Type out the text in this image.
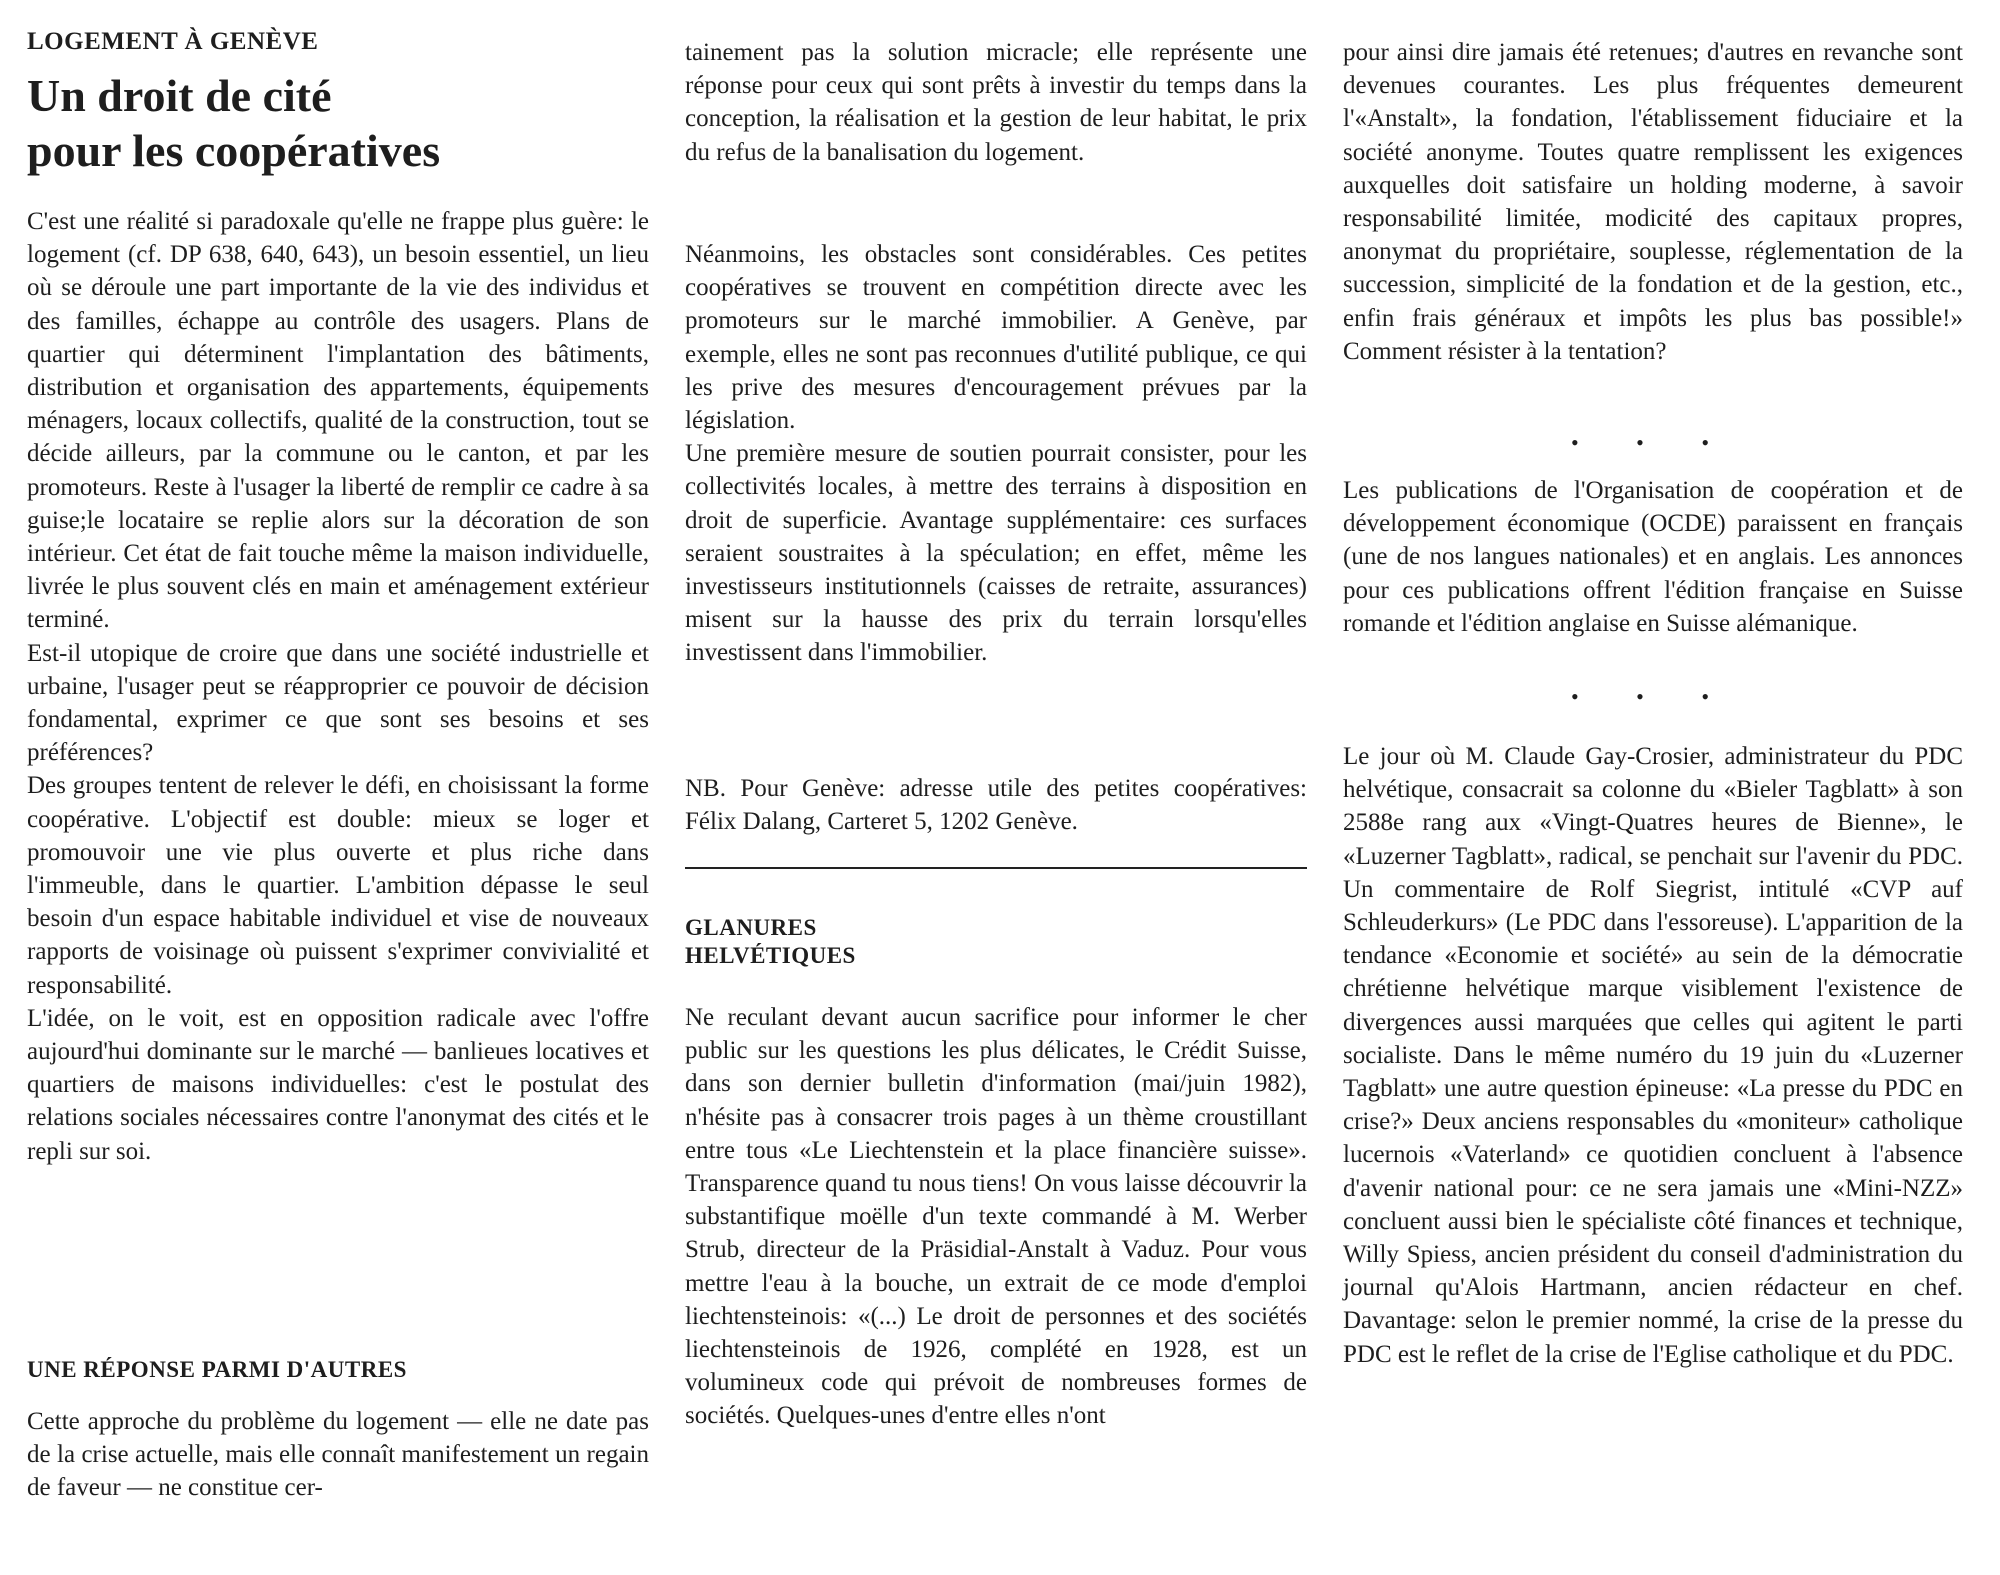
LOGEMENT À GENÈVE
Un droit de cité
pour les coopératives

C'est une réalité si paradoxale qu'elle ne frappe plus guère: le logement (cf. DP 638, 640, 643), un besoin essentiel, un lieu où se déroule une part importante de la vie des individus et des familles, échappe au contrôle des usagers. Plans de quartier qui déterminent l'implantation des bâtiments, distribution et organisation des appartements, équipements ménagers, locaux collectifs, qualité de la construction, tout se décide ailleurs, par la commune ou le canton, et par les promoteurs. Reste à l'usager la liberté de remplir ce cadre à sa guise;le locataire se replie alors sur la décoration de son intérieur. Cet état de fait touche même la maison individuelle, livrée le plus souvent clés en main et aménagement extérieur terminé.

Est-il utopique de croire que dans une société industrielle et urbaine, l'usager peut se réapproprier ce pouvoir de décision fondamental, exprimer ce que sont ses besoins et ses préférences?

Des groupes tentent de relever le défi, en choisissant la forme coopérative. L'objectif est double: mieux se loger et promouvoir une vie plus ouverte et plus riche dans l'immeuble, dans le quartier. L'ambition dépasse le seul besoin d'un espace habitable individuel et vise de nouveaux rapports de voisinage où puissent s'exprimer convivialité et responsabilité.

L'idée, on le voit, est en opposition radicale avec l'offre aujourd'hui dominante sur le marché — banlieues locatives et quartiers de maisons individuelles: c'est le postulat des relations sociales nécessaires contre l'anonymat des cités et le repli sur soi.

UNE RÉPONSE PARMI D'AUTRES

Cette approche du problème du logement — elle ne date pas de la crise actuelle, mais elle connaît manifestement un regain de faveur — ne constitue cer-

tainement pas la solution micracle; elle représente une réponse pour ceux qui sont prêts à investir du temps dans la conception, la réalisation et la gestion de leur habitat, le prix du refus de la banalisation du logement.

Néanmoins, les obstacles sont considérables. Ces petites coopératives se trouvent en compétition directe avec les promoteurs sur le marché immobilier. A Genève, par exemple, elles ne sont pas reconnues d'utilité publique, ce qui les prive des mesures d'encouragement prévues par la législation.

Une première mesure de soutien pourrait consister, pour les collectivités locales, à mettre des terrains à disposition en droit de superficie. Avantage supplémentaire: ces surfaces seraient soustraites à la spéculation; en effet, même les investisseurs institutionnels (caisses de retraite, assurances) misent sur la hausse des prix du terrain lorsqu'elles investissent dans l'immobilier.

NB. Pour Genève: adresse utile des petites coopératives: Félix Dalang, Carteret 5, 1202 Genève.

GLANURES
HELVÉTIQUES

Ne reculant devant aucun sacrifice pour informer le cher public sur les questions les plus délicates, le Crédit Suisse, dans son dernier bulletin d'information (mai/juin 1982), n'hésite pas à consacrer trois pages à un thème croustillant entre tous «Le Liechtenstein et la place financière suisse». Transparence quand tu nous tiens! On vous laisse découvrir la substantifique moëlle d'un texte commandé à M. Werber Strub, directeur de la Präsidial-Anstalt à Vaduz. Pour vous mettre l'eau à la bouche, un extrait de ce mode d'emploi liechtensteinois: «(...) Le droit de personnes et des sociétés liechtensteinois de 1926, complété en 1928, est un volumineux code qui prévoit de nombreuses formes de sociétés. Quelques-unes d'entre elles n'ont

pour ainsi dire jamais été retenues; d'autres en revanche sont devenues courantes. Les plus fréquentes demeurent l'«Anstalt», la fondation, l'établissement fiduciaire et la société anonyme. Toutes quatre remplissent les exigences auxquelles doit satisfaire un holding moderne, à savoir responsabilité limitée, modicité des capitaux propres, anonymat du propriétaire, souplesse, réglementation de la succession, simplicité de la fondation et de la gestion, etc., enfin frais généraux et impôts les plus bas possible!» Comment résister à la tentation?

• • •

Les publications de l'Organisation de coopération et de développement économique (OCDE) paraissent en français (une de nos langues nationales) et en anglais. Les annonces pour ces publications offrent l'édition française en Suisse romande et l'édition anglaise en Suisse alémanique.

• • •

Le jour où M. Claude Gay-Crosier, administrateur du PDC helvétique, consacrait sa colonne du «Bieler Tagblatt» à son 2588e rang aux «Vingt-Quatres heures de Bienne», le «Luzerner Tagblatt», radical, se penchait sur l'avenir du PDC. Un commentaire de Rolf Siegrist, intitulé «CVP auf Schleuderkurs» (Le PDC dans l'essoreuse). L'apparition de la tendance «Economie et société» au sein de la démocratie chrétienne helvétique marque visiblement l'existence de divergences aussi marquées que celles qui agitent le parti socialiste. Dans le même numéro du 19 juin du «Luzerner Tagblatt» une autre question épineuse: «La presse du PDC en crise?» Deux anciens responsables du «moniteur» catholique lucernois «Vaterland» ce quotidien concluent à l'absence d'avenir national pour: ce ne sera jamais une «Mini-NZZ» concluent aussi bien le spécialiste côté finances et technique, Willy Spiess, ancien président du conseil d'administration du journal qu'Alois Hartmann, ancien rédacteur en chef. Davantage: selon le premier nommé, la crise de la presse du PDC est le reflet de la crise de l'Eglise catholique et du PDC.
